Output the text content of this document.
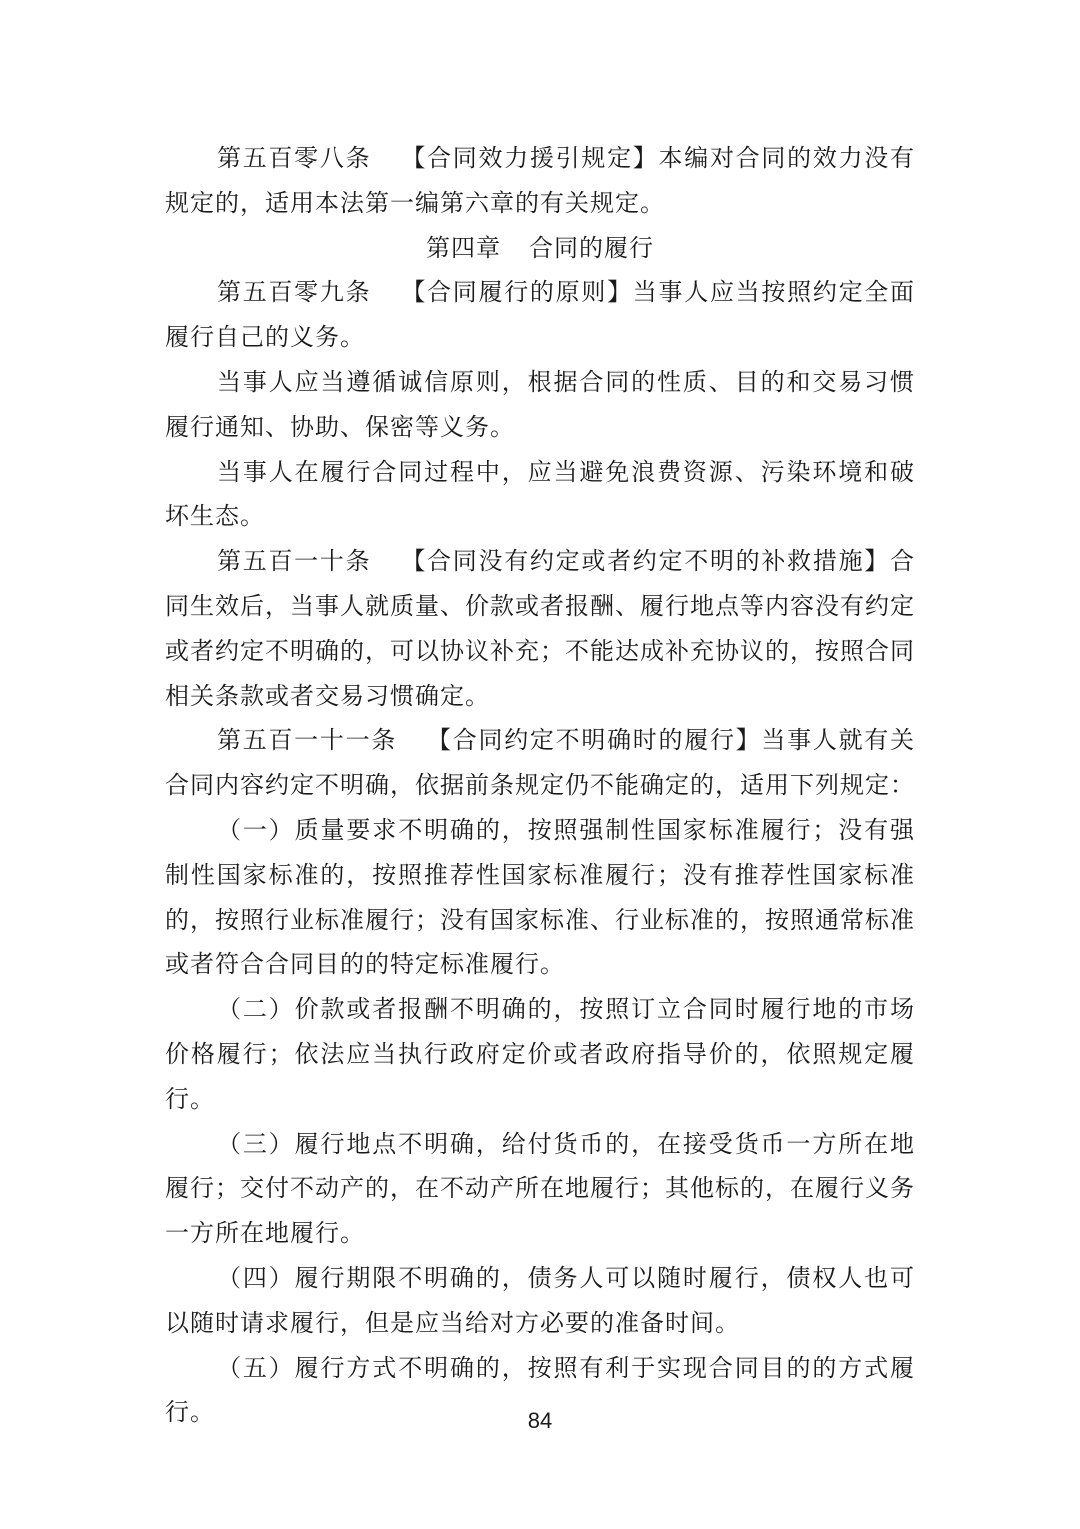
第五百零八条 【合同效力援引规定】本编对合同的效力没有规定的，适用本法第一编第六章的有关规定。

第四章 合同的履行

第五百零九条 【合同履行的原则】当事人应当按照约定全面履行自己的义务。

当事人应当遵循诚信原则，根据合同的性质、目的和交易习惯履行通知、协助、保密等义务。

当事人在履行合同过程中，应当避免浪费资源、污染环境和破坏生态。

第五百一十条 【合同没有约定或者约定不明的补救措施】合同生效后，当事人就质量、价款或者报酬、履行地点等内容没有约定或者约定不明确的，可以协议补充；不能达成补充协议的，按照合同相关条款或者交易习惯确定。

第五百一十一条 【合同约定不明确时的履行】当事人就有关合同内容约定不明确，依据前条规定仍不能确定的，适用下列规定：

（一）质量要求不明确的，按照强制性国家标准履行；没有强制性国家标准的，按照推荐性国家标准履行；没有推荐性国家标准的，按照行业标准履行；没有国家标准、行业标准的，按照通常标准或者符合合同目的的特定标准履行。

（二）价款或者报酬不明确的，按照订立合同时履行地的市场价格履行；依法应当执行政府定价或者政府指导价的，依照规定履行。

（三）履行地点不明确，给付货币的，在接受货币一方所在地履行；交付不动产的，在不动产所在地履行；其他标的，在履行义务一方所在地履行。

（四）履行期限不明确的，债务人可以随时履行，债权人也可以随时请求履行，但是应当给对方必要的准备时间。

（五）履行方式不明确的，按照有利于实现合同目的的方式履行。	84
